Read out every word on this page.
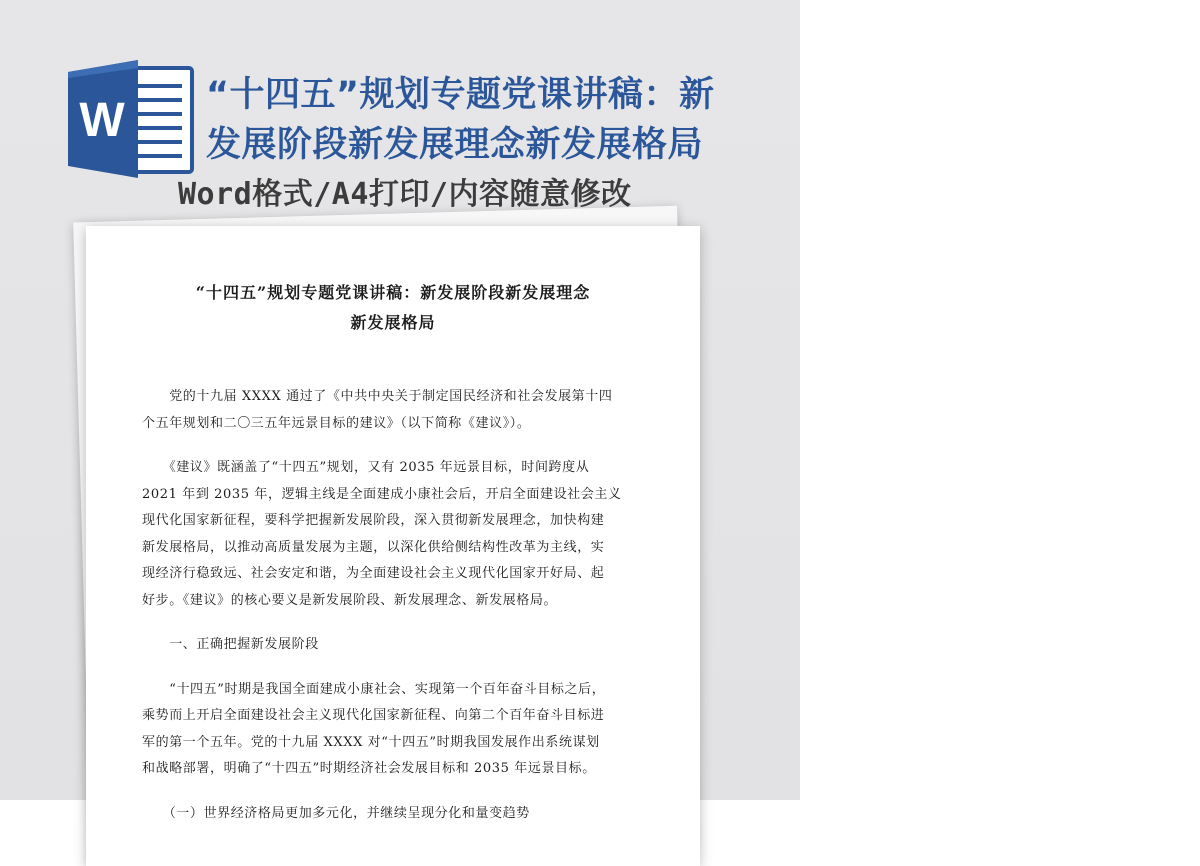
W “十四五”规划专题党课讲稿：新
发展阶段新发展理念新发展格局

Word格式/A4打印/内容随意修改

“十四五”规划专题党课讲稿：新发展阶段新发展理念
新发展格局

　　党的十九届 XXXX 通过了《中共中央关于制定国民经济和社会发展第十四
个五年规划和二〇三五年远景目标的建议》（以下简称《建议》）。

　　《建议》既涵盖了“十四五”规划，又有 2035 年远景目标，时间跨度从
2021 年到 2035 年，逻辑主线是全面建成小康社会后，开启全面建设社会主义
现代化国家新征程，要科学把握新发展阶段，深入贯彻新发展理念，加快构建
新发展格局，以推动高质量发展为主题，以深化供给侧结构性改革为主线，实
现经济行稳致远、社会安定和谐，为全面建设社会主义现代化国家开好局、起
好步。《建议》的核心要义是新发展阶段、新发展理念、新发展格局。

　　一、正确把握新发展阶段

　　“十四五”时期是我国全面建成小康社会、实现第一个百年奋斗目标之后，
乘势而上开启全面建设社会主义现代化国家新征程、向第二个百年奋斗目标进
军的第一个五年。党的十九届 XXXX 对“十四五”时期我国发展作出系统谋划
和战略部署，明确了“十四五”时期经济社会发展目标和 2035 年远景目标。

　　（一）世界经济格局更加多元化，并继续呈现分化和量变趋势
